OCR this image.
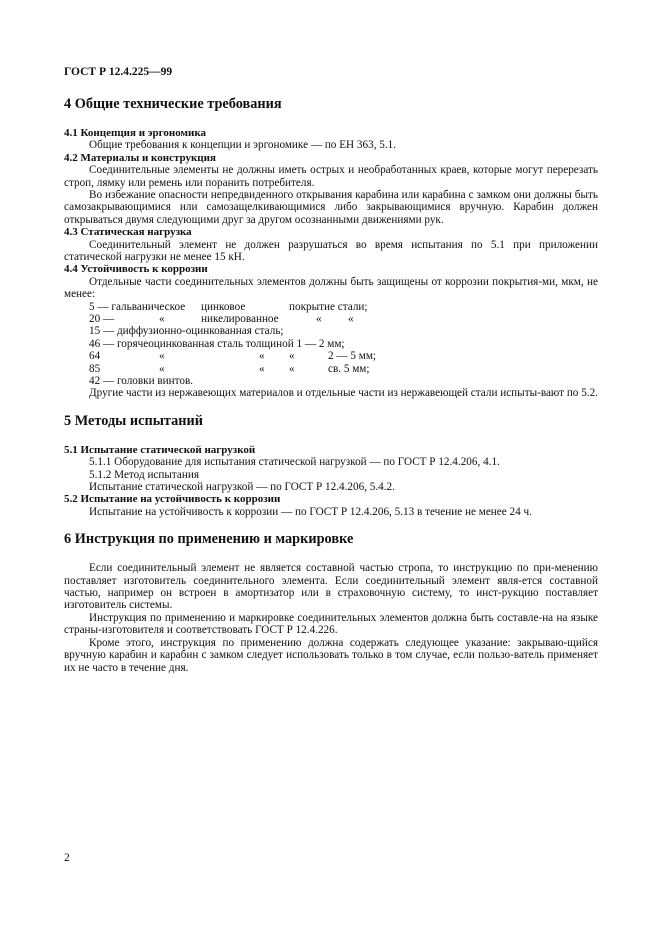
ГОСТ Р 12.4.225—99
4 Общие технические требования
4.1 Концепция и эргономика

Общие требования к концепции и эргономике — по ЕН 363, 5.1.

4.2 Материалы и конструкция

Соединительные элементы не должны иметь острых и необработанных краев, которые могут перерезать строп, лямку или ремень или поранить потребителя.

Во избежание опасности непредвиденного открывания карабина или карабина с замком они должны быть самозакрывающимися или самозащелкивающимися либо закрывающимися вручную. Карабин должен открываться двумя следующими друг за другом осознанными движениями рук.

4.3 Статическая нагрузка

Соединительный элемент не должен разрушаться во время испытания по 5.1 при приложении статической нагрузки не менее 15 кН.

4.4 Устойчивость к коррозии

Отдельные части соединительных элементов должны быть защищены от коррозии покрытия-ми, мкм, не менее:

5 — гальваническое цинковое	покрытие стали;
20 —	«	никелированное	« «
15 — диффузионно-оцинкованная сталь;
46 — горячеоцинкованная сталь толщиной 1 — 2 мм;
64	«	« «	2 — 5 мм;
85	«	« «	св. 5 мм;
42 — головки винтов.

Другие части из нержавеющих материалов и отдельные части из нержавеющей стали испыты-вают по 5.2.

5 Методы испытаний
5.1 Испытание статической нагрузкой

5.1.1 Оборудование для испытания статической нагрузкой — по ГОСТ Р 12.4.206, 4.1.

5.1.2 Метод испытания

Испытание статической нагрузкой — по ГОСТ Р 12.4.206, 5.4.2.

5.2 Испытание на устойчивость к коррозии

Испытание на устойчивость к коррозии — по ГОСТ Р 12.4.206, 5.13 в течение не менее 24 ч.

6 Инструкция по применению и маркировке

Если соединительный элемент не является составной частью стропа, то инструкцию по при-менению поставляет изготовитель соединительного элемента. Если соединительный элемент явля-ется составной частью, например он встроен в амортизатор или в страховочную систему, то инст-рукцию поставляет изготовитель системы.

Инструкция по применению и маркировке соединительных элементов должна быть составле-на на языке страны-изготовителя и соответствовать ГОСТ Р 12.4.226.

Кроме этого, инструкция по применению должна содержать следующее указание: закрываю-щийся вручную карабин и карабин с замком следует использовать только в том случае, если пользо-ватель применяет их не часто в течение дня.

2
